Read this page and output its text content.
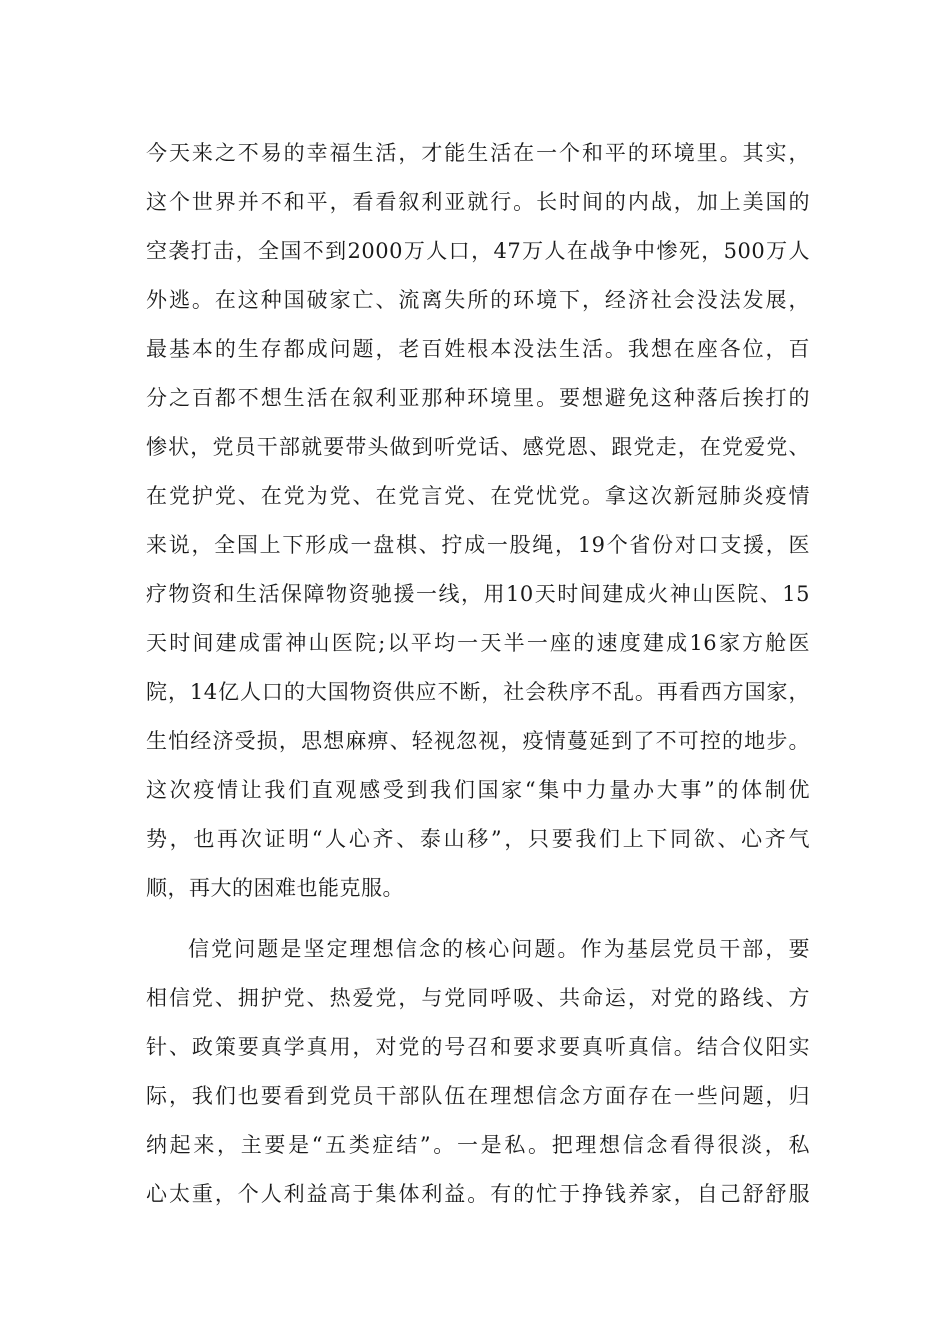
今天来之不易的幸福生活，才能生活在一个和平的环境里。其实，
这个世界并不和平，看看叙利亚就行。长时间的内战，加上美国的
空袭打击，全国不到2000万人口，47万人在战争中惨死，500万人
外逃。在这种国破家亡、流离失所的环境下，经济社会没法发展，
最基本的生存都成问题，老百姓根本没法生活。我想在座各位，百
分之百都不想生活在叙利亚那种环境里。要想避免这种落后挨打的
惨状，党员干部就要带头做到听党话、感党恩、跟党走，在党爱党、
在党护党、在党为党、在党言党、在党忧党。拿这次新冠肺炎疫情
来说，全国上下形成一盘棋、拧成一股绳，19个省份对口支援，医
疗物资和生活保障物资驰援一线，用10天时间建成火神山医院、15
天时间建成雷神山医院;以平均一天半一座的速度建成16家方舱医
院，14亿人口的大国物资供应不断，社会秩序不乱。再看西方国家，
生怕经济受损，思想麻痹、轻视忽视，疫情蔓延到了不可控的地步。
这次疫情让我们直观感受到我们国家“集中力量办大事”的体制优
势，也再次证明“人心齐、泰山移”，只要我们上下同欲、心齐气
顺，再大的困难也能克服。
信党问题是坚定理想信念的核心问题。作为基层党员干部，要
相信党、拥护党、热爱党，与党同呼吸、共命运，对党的路线、方
针、政策要真学真用，对党的号召和要求要真听真信。结合仪阳实
际，我们也要看到党员干部队伍在理想信念方面存在一些问题，归
纳起来，主要是“五类症结”。一是私。把理想信念看得很淡，私
心太重，个人利益高于集体利益。有的忙于挣钱养家，自己舒舒服
